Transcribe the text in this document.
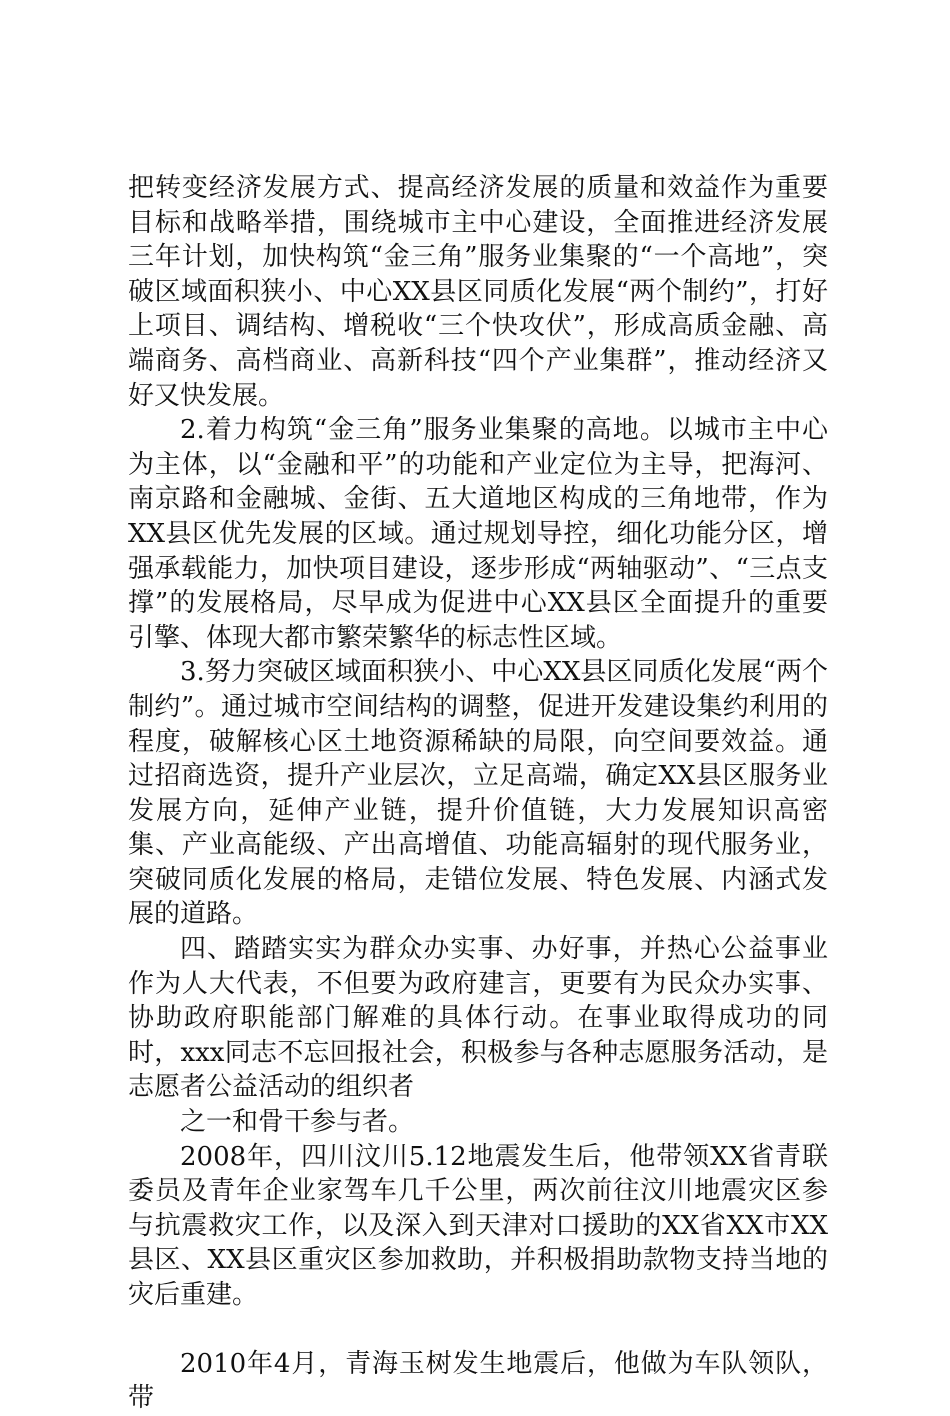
把转变经济发展方式、提高经济发展的质量和效益作为重要目标和战略举措，围绕城市主中心建设，全面推进经济发展三年计划，加快构筑“金三角”服务业集聚的“一个高地”，突破区域面积狭小、中心XX县区同质化发展“两个制约”，打好上项目、调结构、增税收“三个快攻伏”，形成高质金融、高端商务、高档商业、高新科技“四个产业集群”，推动经济又好又快发展。

2.着力构筑“金三角”服务业集聚的高地。以城市主中心为主体，以“金融和平”的功能和产业定位为主导，把海河、南京路和金融城、金街、五大道地区构成的三角地带，作为XX县区优先发展的区域。通过规划导控，细化功能分区，增强承载能力，加快项目建设，逐步形成“两轴驱动”、“三点支撑”的发展格局，尽早成为促进中心XX县区全面提升的重要引擎、体现大都市繁荣繁华的标志性区域。

3.努力突破区域面积狭小、中心XX县区同质化发展“两个制约”。通过城市空间结构的调整，促进开发建设集约利用的程度，破解核心区土地资源稀缺的局限，向空间要效益。通过招商选资，提升产业层次，立足高端，确定XX县区服务业发展方向，延伸产业链，提升价值链，大力发展知识高密集、产业高能级、产出高增值、功能高辐射的现代服务业，突破同质化发展的格局，走错位发展、特色发展、内涵式发展的道路。

四、踏踏实实为群众办实事、办好事，并热心公益事业作为人大代表，不但要为政府建言，更要有为民众办实事、协助政府职能部门解难的具体行动。在事业取得成功的同时，xxx同志不忘回报社会，积极参与各种志愿服务活动，是志愿者公益活动的组织者

之一和骨干参与者。

2008年，四川汶川5.12地震发生后，他带领XX省青联委员及青年企业家驾车几千公里，两次前往汶川地震灾区参与抗震救灾工作，以及深入到天津对口援助的XX省XX市XX县区、XX县区重灾区参加救助，并积极捐助款物支持当地的灾后重建。

2010年4月，青海玉树发生地震后，他做为车队领队，带
